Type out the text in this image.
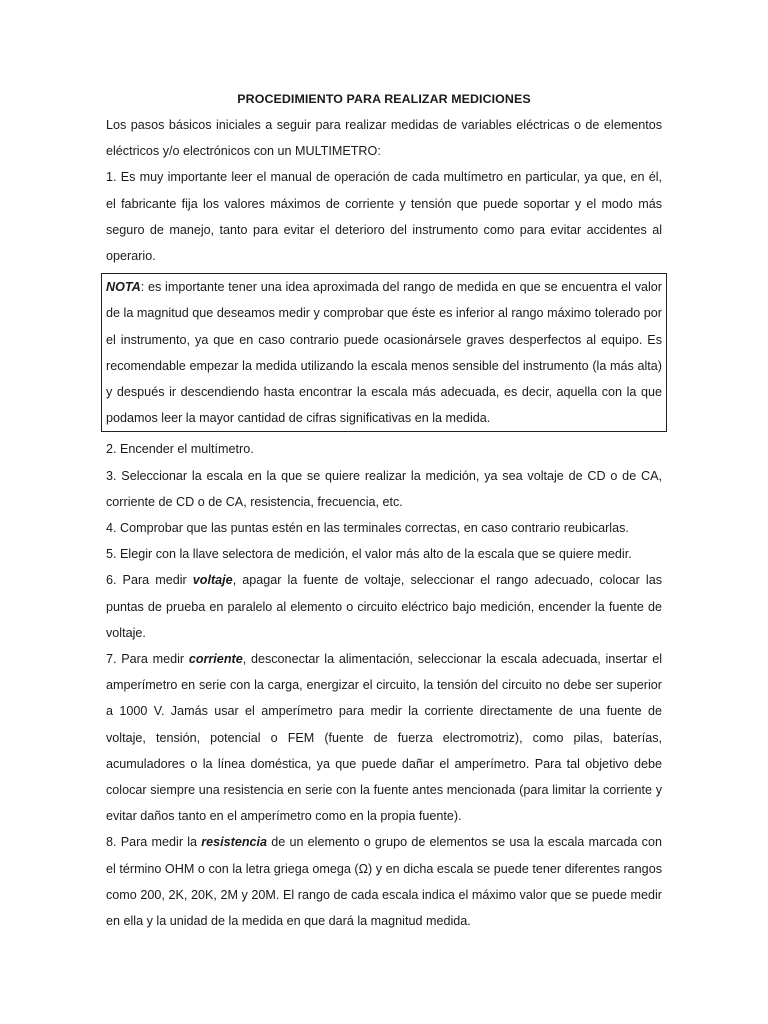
PROCEDIMIENTO PARA REALIZAR MEDICIONES

Los pasos básicos iniciales a seguir para realizar medidas de variables eléctricas o de elementos eléctricos y/o electrónicos con un MULTIMETRO:

1. Es muy importante leer el manual de operación de cada multímetro en particular, ya que, en él, el fabricante fija los valores máximos de corriente y tensión que puede soportar y el modo más seguro de manejo, tanto para evitar el deterioro del instrumento como para evitar accidentes al operario.

NOTA: es importante tener una idea aproximada del rango de medida en que se encuentra el valor de la magnitud que deseamos medir y comprobar que éste es inferior al rango máximo tolerado por el instrumento, ya que en caso contrario puede ocasionársele graves desperfectos al equipo. Es recomendable empezar la medida utilizando la escala menos sensible del instrumento (la más alta) y después ir descendiendo hasta encontrar la escala más adecuada, es decir, aquella con la que podamos leer la mayor cantidad de cifras significativas en la medida.

2. Encender el multímetro.

3. Seleccionar la escala en la que se quiere realizar la medición, ya sea voltaje de CD o de CA, corriente de CD o de CA, resistencia, frecuencia, etc.

4. Comprobar que las puntas estén en las terminales correctas, en caso contrario reubicarlas.

5. Elegir con la llave selectora de medición, el valor más alto de la escala que se quiere medir.

6. Para medir voltaje, apagar la fuente de voltaje, seleccionar el rango adecuado, colocar las puntas de prueba en paralelo al elemento o circuito eléctrico bajo medición, encender la fuente de voltaje.

7. Para medir corriente, desconectar la alimentación, seleccionar la escala adecuada, insertar el amperímetro en serie con la carga, energizar el circuito, la tensión del circuito no debe ser superior a 1000 V. Jamás usar el amperímetro para medir la corriente directamente de una fuente de voltaje, tensión, potencial o FEM (fuente de fuerza electromotriz), como pilas, baterías, acumuladores o la línea doméstica, ya que puede dañar el amperímetro. Para tal objetivo debe colocar siempre una resistencia en serie con la fuente antes mencionada (para limitar la corriente y evitar daños tanto en el amperímetro como en la propia fuente).

8. Para medir la resistencia de un elemento o grupo de elementos se usa la escala marcada con el término OHM o con la letra griega omega (Ω) y en dicha escala se puede tener diferentes rangos como 200, 2K, 20K, 2M y 20M. El rango de cada escala indica el máximo valor que se puede medir en ella y la unidad de la medida en que dará la magnitud medida.
